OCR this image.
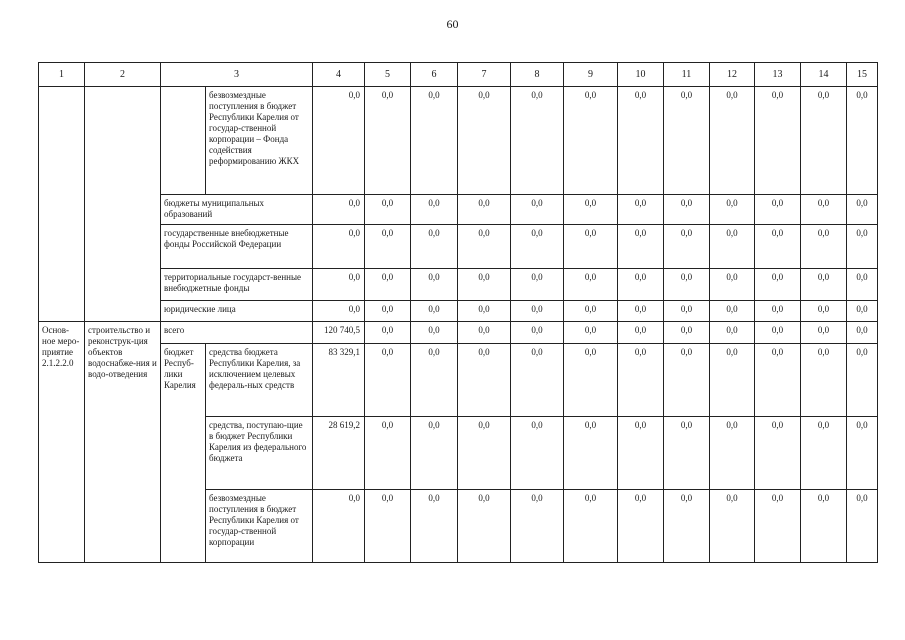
60
1	2	3		4	5	6	7	8	9	10	11	12	13	14	15
			безвозмездные поступления в бюджет Республики Карелия от государ-ственной корпорации – Фонда содействия реформированию ЖКХ	0,0	0,0	0,0	0,0	0,0	0,0	0,0	0,0	0,0	0,0	0,0	0,0
		бюджеты муниципальных образований		0,0	0,0	0,0	0,0	0,0	0,0	0,0	0,0	0,0	0,0	0,0	0,0
		государственные внебюджетные фонды Российской Федерации		0,0	0,0	0,0	0,0	0,0	0,0	0,0	0,0	0,0	0,0	0,0	0,0
		территориальные государст-венные внебюджетные фонды		0,0	0,0	0,0	0,0	0,0	0,0	0,0	0,0	0,0	0,0	0,0	0,0
		юридические лица		0,0	0,0	0,0	0,0	0,0	0,0	0,0	0,0	0,0	0,0	0,0	0,0
Основ-ное меро-приятие 2.1.2.2.0	строительство и реконструк-ция объектов водоснабже-ния и водо-отведения	всего		120 740,5	0,0	0,0	0,0	0,0	0,0	0,0	0,0	0,0	0,0	0,0	0,0
		бюджет Респуб-лики Карелия	средства бюджета Республики Карелия, за исключением целевых федераль-ных средств	83 329,1	0,0	0,0	0,0	0,0	0,0	0,0	0,0	0,0	0,0	0,0	0,0
			средства, поступаю-щие в бюджет Республики Карелия из федерального бюджета	28 619,2	0,0	0,0	0,0	0,0	0,0	0,0	0,0	0,0	0,0	0,0	0,0
			безвозмездные поступления в бюджет Республики Карелия от государ-ственной корпорации	0,0	0,0	0,0	0,0	0,0	0,0	0,0	0,0	0,0	0,0	0,0	0,0
